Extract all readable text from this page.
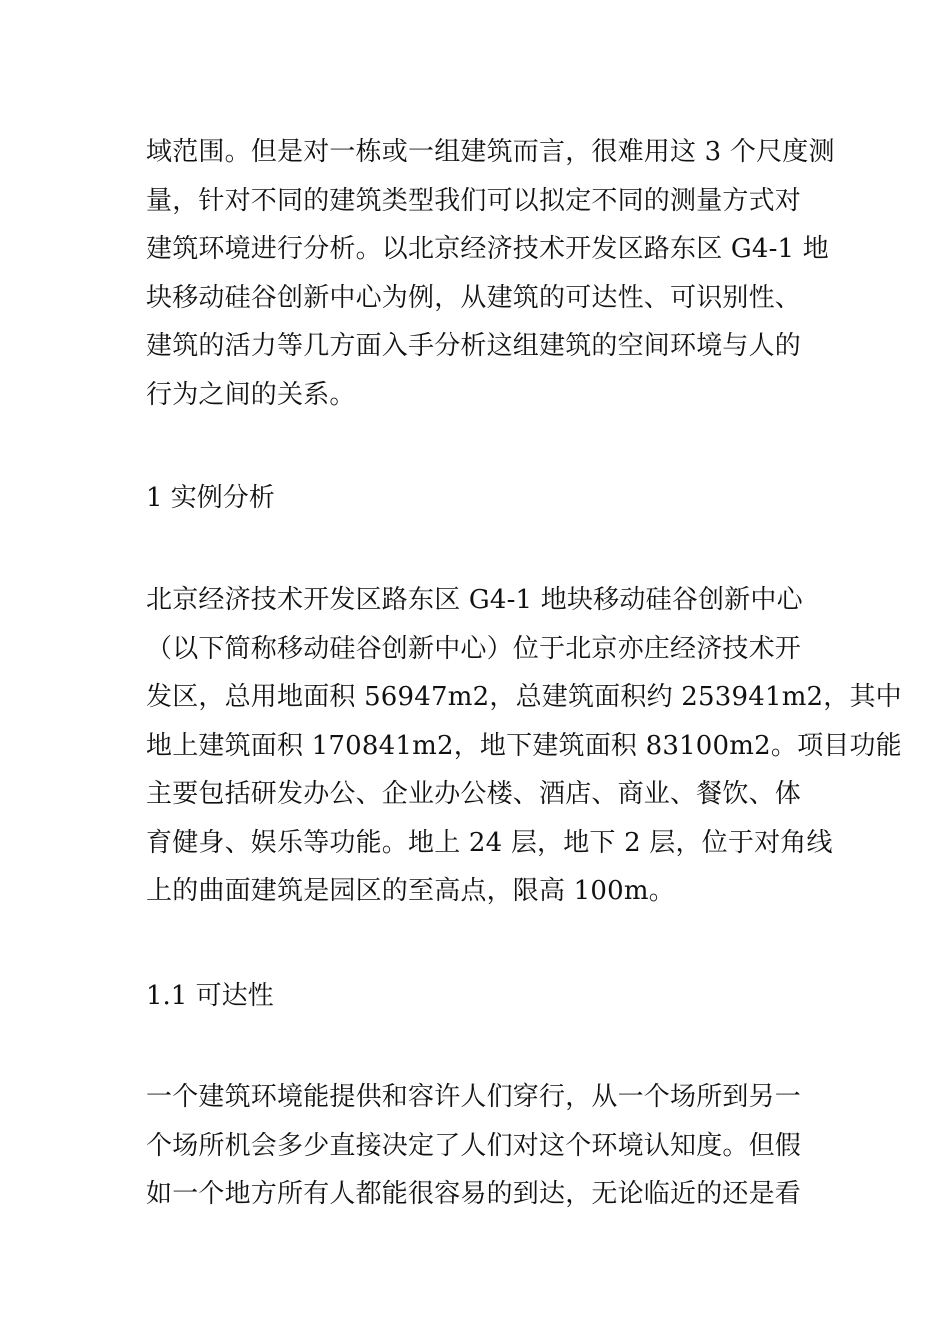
域范围。但是对一栋或一组建筑而言，很难用这 3 个尺度测
量，针对不同的建筑类型我们可以拟定不同的测量方式对
建筑环境进行分析。以北京经济技术开发区路东区 G4-1 地
块移动硅谷创新中心为例，从建筑的可达性、可识别性、
建筑的活力等几方面入手分析这组建筑的空间环境与人的
行为之间的关系。

1 实例分析

北京经济技术开发区路东区 G4-1 地块移动硅谷创新中心
（以下简称移动硅谷创新中心）位于北京亦庄经济技术开
发区，总用地面积 56947m2，总建筑面积约 253941m2，其中
地上建筑面积 170841m2，地下建筑面积 83100m2。项目功能
主要包括研发办公、企业办公楼、酒店、商业、餐饮、体
育健身、娱乐等功能。地上 24 层，地下 2 层，位于对角线
上的曲面建筑是园区的至高点，限高 100m。

1.1 可达性

一个建筑环境能提供和容许人们穿行，从一个场所到另一
个场所机会多少直接决定了人们对这个环境认知度。但假
如一个地方所有人都能很容易的到达，无论临近的还是看
